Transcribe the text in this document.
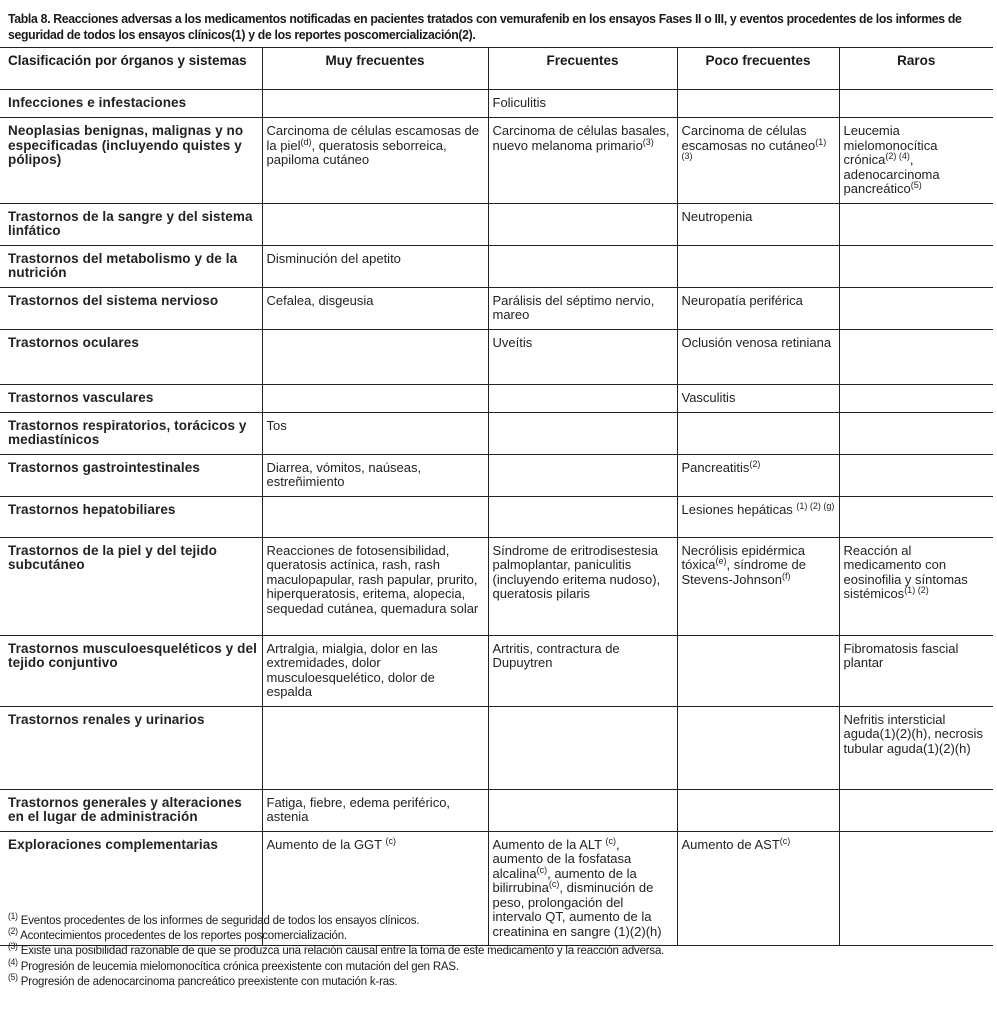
Tabla 8. Reacciones adversas a los medicamentos notificadas en pacientes tratados con vemurafenib en los ensayos Fases II o III, y eventos procedentes de los informes de seguridad de todos los ensayos clínicos(1) y de los reportes poscomercialización(2).
Clasificación por órganos y sistemas	Muy frecuentes	Frecuentes	Poco frecuentes	Raros
Infecciones e infestaciones		Foliculitis		
Neoplasias benignas, malignas y no especificadas (incluyendo quistes y pólipos)	Carcinoma de células escamosas de la piel$^{(d)}$, queratosis seborreica, papiloma cutáneo	Carcinoma de células basales, nuevo melanoma primario$^{(3)}$	Carcinoma de células escamosas no cutáneo$^{(1) (3)}$	Leucemia mielomonocítica crónica$^{(2) (4)}$, adenocarcinoma pancreático$^{(5)}$
Trastornos de la sangre y del sistema linfático			Neutropenia	
Trastornos del metabolismo y de la nutrición	Disminución del apetito			
Trastornos del sistema nervioso	Cefalea, disgeusia	Parálisis del séptimo nervio, mareo	Neuropatía periférica	
Trastornos oculares		Uveítis	Oclusión venosa retiniana	
Trastornos vasculares			Vasculitis	
Trastornos respiratorios, torácicos y mediastínicos	Tos			
Trastornos gastrointestinales	Diarrea, vómitos, naúseas, estreñimiento		Pancreatitis$^{(2)}$	
Trastornos hepatobiliares			Lesiones hepáticas $^{(1) (2) (g)}$	
Trastornos de la piel y del tejido subcutáneo	Reacciones de fotosensibilidad, queratosis actínica, rash, rash maculopapular, rash papular, prurito, hiperqueratosis, eritema, alopecia, sequedad cutánea, quemadura solar	Síndrome de eritrodisestesia palmoplantar, paniculitis (incluyendo eritema nudoso), queratosis pilaris	Necrólisis epidérmica tóxica$^{(e)}$, síndrome de Stevens-Johnson$^{(f)}$	Reacción al medicamento con eosinofilia y síntomas sistémicos$^{(1) (2)}$
Trastornos musculoesqueléticos y del tejido conjuntivo	Artralgia, mialgia, dolor en las extremidades, dolor musculoesquelético, dolor de espalda	Artritis, contractura de Dupuytren		Fibromatosis fascial plantar
Trastornos renales y urinarios				Nefritis intersticial aguda(1)(2)(h), necrosis tubular aguda(1)(2)(h)
Trastornos generales y alteraciones en el lugar de administración	Fatiga, fiebre, edema periférico, astenia			
Exploraciones complementarias	Aumento de la GGT $^{(c)}$	Aumento de la ALT $^{(c)}$, aumento de la fosfatasa alcalina$^{(c)}$, aumento de la bilirrubina$^{(c)}$, disminución de peso, prolongación del intervalo QT, aumento de la creatinina en sangre (1)(2)(h)	Aumento de AST$^{(c)}$	
$^{(1)}$ Eventos procedentes de los informes de seguridad de todos los ensayos clínicos.
$^{(2)}$ Acontecimientos procedentes de los reportes poscomercialización.
$^{(3)}$ Existe una posibilidad razonable de que se produzca una relación causal entre la toma de este medicamento y la reacción adversa.
$^{(4)}$ Progresión de leucemia mielomonocítica crónica preexistente con mutación del gen RAS.
$^{(5)}$ Progresión de adenocarcinoma pancreático preexistente con mutación k-ras.
